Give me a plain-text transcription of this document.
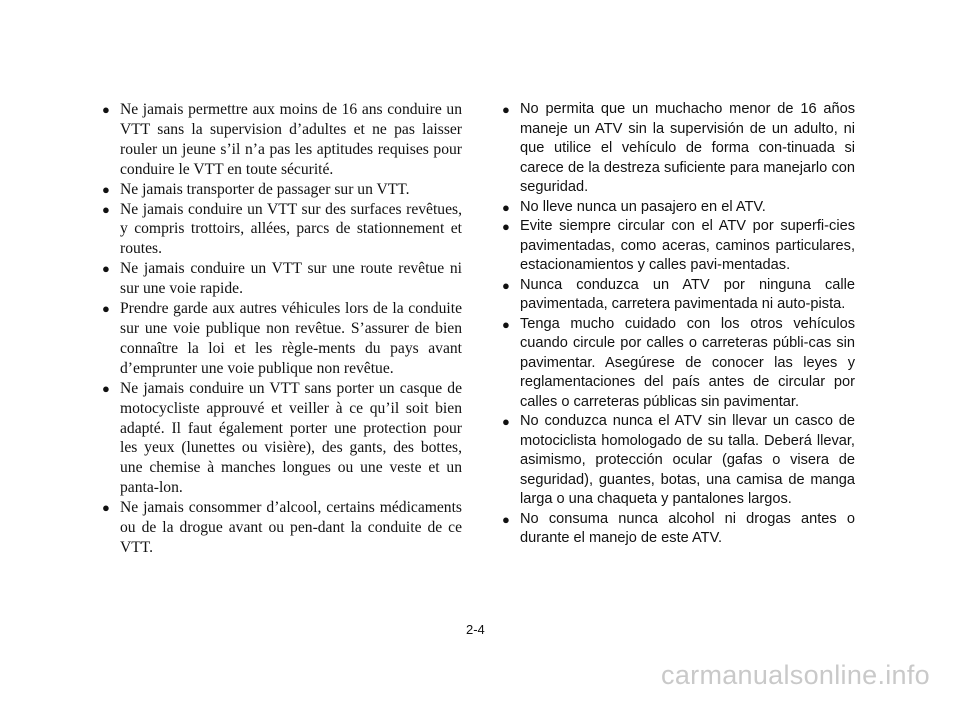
● Ne jamais permettre aux moins de 16 ans conduire un VTT sans la supervision d’adultes et ne pas laisser rouler un jeune s’il n’a pas les aptitudes requises pour conduire le VTT en toute sécurité.
● Ne jamais transporter de passager sur un VTT.
● Ne jamais conduire un VTT sur des surfaces revêtues, y compris trottoirs, allées, parcs de stationnement et routes.
● Ne jamais conduire un VTT sur une route revêtue ni sur une voie rapide.
● Prendre garde aux autres véhicules lors de la conduite sur une voie publique non revêtue. S’assurer de bien connaître la loi et les règle-ments du pays avant d’emprunter une voie publique non revêtue.
● Ne jamais conduire un VTT sans porter un casque de motocycliste approuvé et veiller à ce qu’il soit bien adapté. Il faut également porter une protection pour les yeux (lunettes ou visière), des gants, des bottes, une chemise à manches longues ou une veste et un panta-lon.
● Ne jamais consommer d’alcool, certains médicaments ou de la drogue avant ou pen-dant la conduite de ce VTT.
● No permita que un muchacho menor de 16 años maneje un ATV sin la supervisión de un adulto, ni que utilice el vehículo de forma con-tinuada si carece de la destreza suficiente para manejarlo con seguridad.
● No lleve nunca un pasajero en el ATV.
● Evite siempre circular con el ATV por superfi-cies pavimentadas, como aceras, caminos particulares, estacionamientos y calles pavi-mentadas.
● Nunca conduzca un ATV por ninguna calle pavimentada, carretera pavimentada ni auto-pista.
● Tenga mucho cuidado con los otros vehículos cuando circule por calles o carreteras públi-cas sin pavimentar. Asegúrese de conocer las leyes y reglamentaciones del país antes de circular por calles o carreteras públicas sin pavimentar.
● No conduzca nunca el ATV sin llevar un casco de motociclista homologado de su talla. Deberá llevar, asimismo, protección ocular (gafas o visera de seguridad), guantes, botas, una camisa de manga larga o una chaqueta y pantalones largos.
● No consuma nunca alcohol ni drogas antes o durante el manejo de este ATV.
2-4
carmanualsonline.info
